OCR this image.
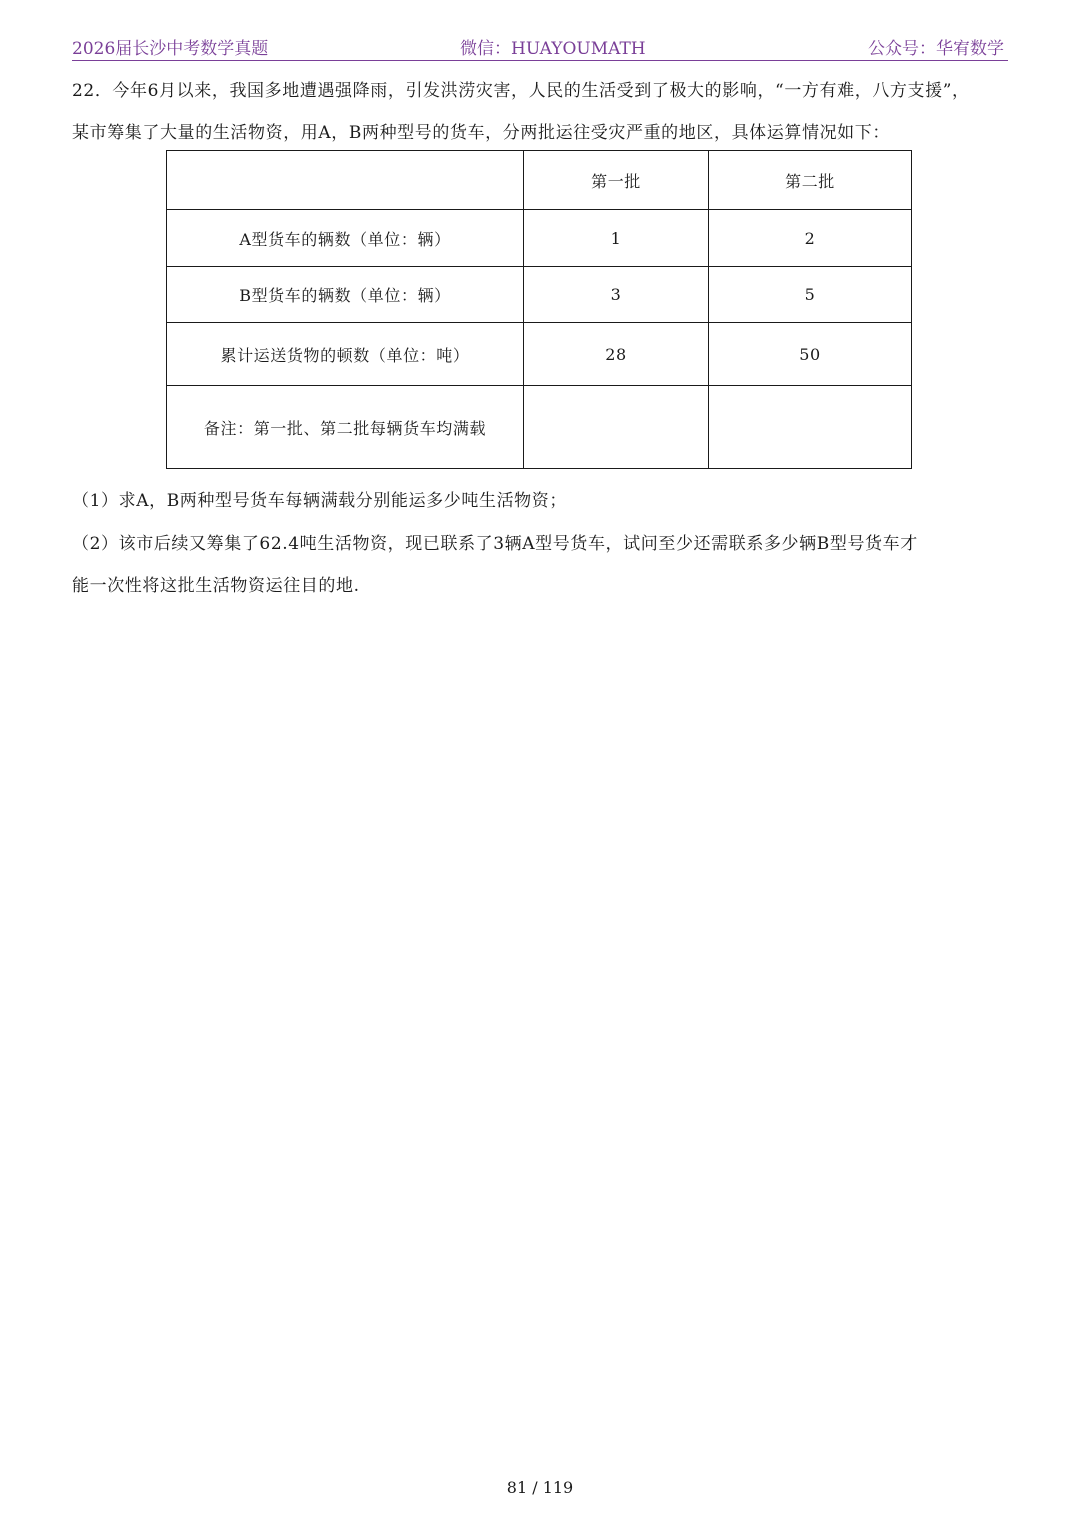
2026届长沙中考数学真题	微信：HUAYOUMATH	公众号：华宥数学
22．今年6月以来，我国多地遭遇强降雨，引发洪涝灾害，人民的生活受到了极大的影响，“一方有难，八方支援”，
某市筹集了大量的生活物资，用A，B两种型号的货车，分两批运往受灾严重的地区，具体运算情况如下：
	第一批	第二批
A型货车的辆数（单位：辆）	1	2
B型货车的辆数（单位：辆）	3	5
累计运送货物的顿数（单位：吨）	28	50
备注：第一批、第二批每辆货车均满载		
（1）求A，B两种型号货车每辆满载分别能运多少吨生活物资；
（2）该市后续又筹集了62.4吨生活物资，现已联系了3辆A型号货车，试问至少还需联系多少辆B型号货车才
能一次性将这批生活物资运往目的地.
81 / 119
